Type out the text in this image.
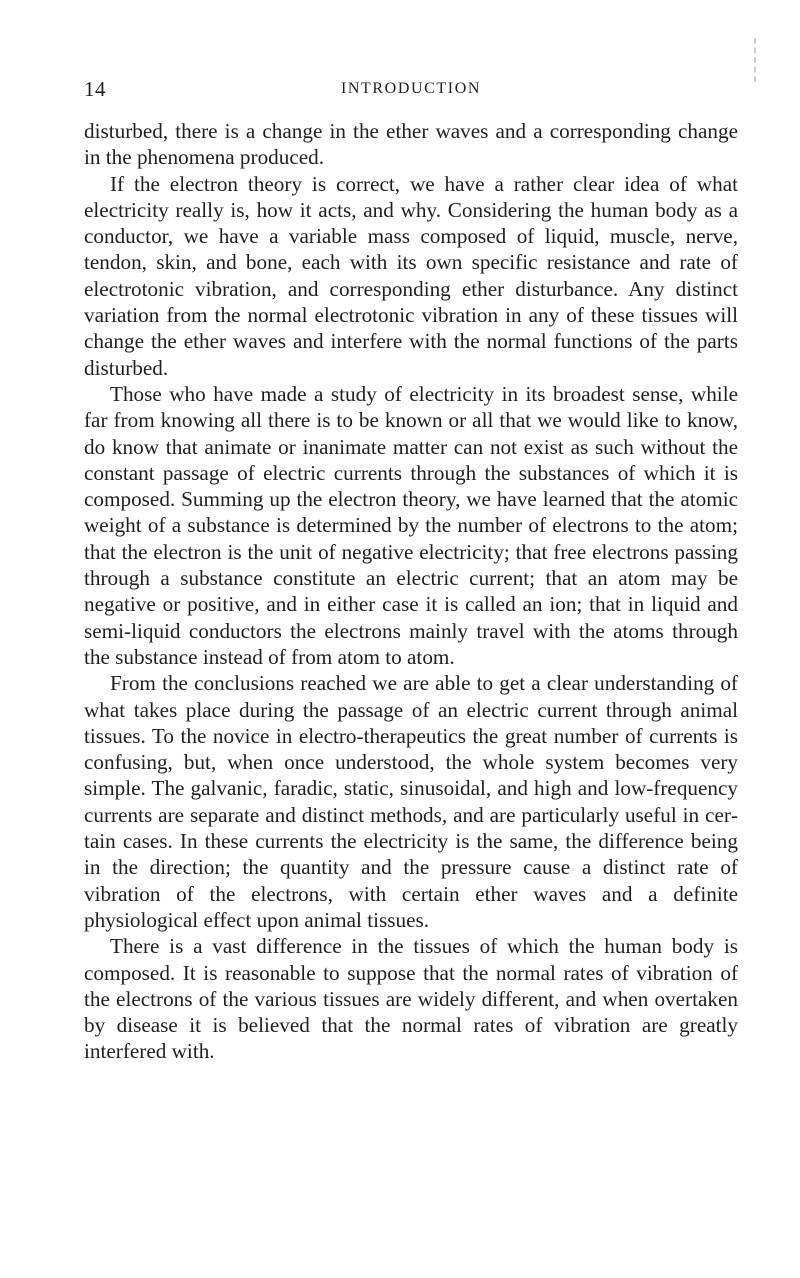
14	INTRODUCTION

disturbed, there is a change in the ether waves and a corresponding change in the phenomena produced.

If the electron theory is correct, we have a rather clear idea of what electricity really is, how it acts, and why. Considering the human body as a conductor, we have a variable mass composed of liquid, muscle, nerve, tendon, skin, and bone, each with its own specific resistance and rate of electrotonic vibration, and corresponding ether disturbance. Any distinct variation from the normal electrotonic vibration in any of these tissues will change the ether waves and interfere with the normal functions of the parts disturbed.

Those who have made a study of electricity in its broadest sense, while far from knowing all there is to be known or all that we would like to know, do know that animate or inanimate matter can not exist as such without the constant passage of electric currents through the substances of which it is composed. Summing up the electron theory, we have learned that the atomic weight of a substance is determined by the number of electrons to the atom; that the electron is the unit of negative electricity; that free electrons passing through a substance constitute an electric current; that an atom may be negative or positive, and in either case it is called an ion; that in liquid and semi-liquid conductors the electrons mainly travel with the atoms through the substance instead of from atom to atom.

From the conclusions reached we are able to get a clear understanding of what takes place during the passage of an electric current through animal tissues. To the novice in electro-therapeutics the great number of currents is confusing, but, when once understood, the whole system becomes very simple. The galvanic, faradic, static, sinusoidal, and high and low-frequency currents are separate and distinct methods, and are particularly useful in certain cases. In these currents the electricity is the same, the difference being in the direction; the quantity and the pressure cause a distinct rate of vibration of the electrons, with certain ether waves and a definite physiological effect upon animal tissues.

There is a vast difference in the tissues of which the human body is composed. It is reasonable to suppose that the normal rates of vibration of the electrons of the various tissues are widely different, and when overtaken by disease it is believed that the normal rates of vibration are greatly interfered with.
